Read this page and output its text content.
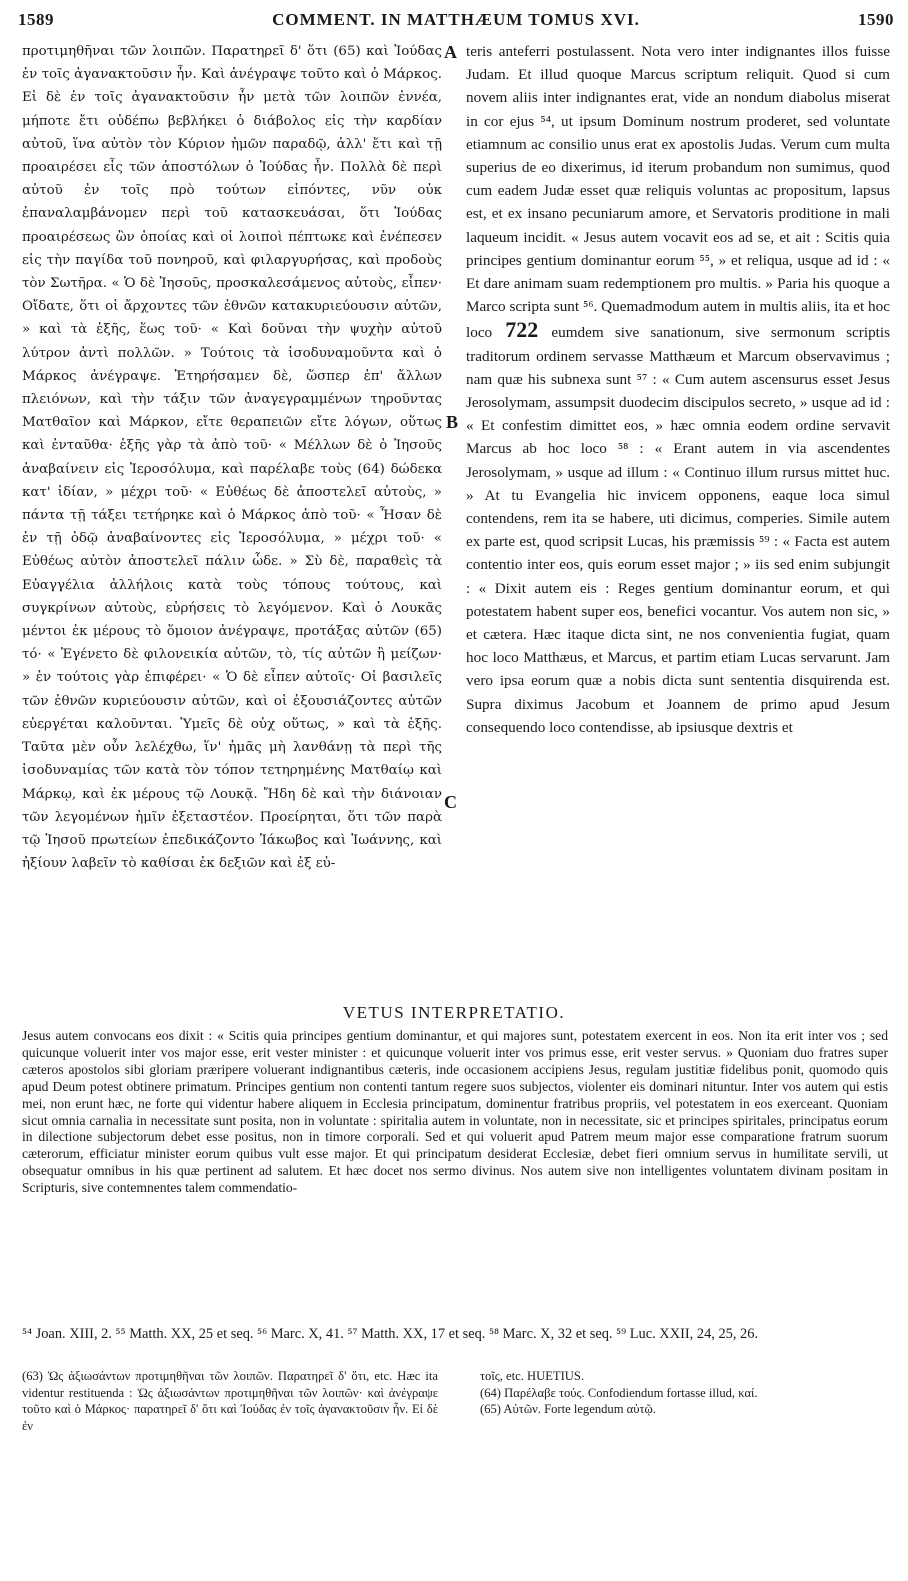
1589	COMMENT. IN MATTHÆUM TOMUS XVI.	1590

προτιμηθῆναι τῶν λοιπῶν. Παρατηρεῖ δ' ὅτι (65) καὶ Ἰούδας ἐν τοῖς ἀγανακτοῦσιν ἦν. Καὶ ἀνέγραψε τοῦτο καὶ ὁ Μάρκος. Εἰ δὲ ἐν τοῖς ἀγανακτοῦσιν ἦν μετὰ τῶν λοιπῶν ἐννέα, μήποτε ἔτι οὐδέπω βεβλήκει ὁ διάβολος εἰς τὴν καρδίαν αὐτοῦ, ἵνα αὐτὸν τὸν Κύριον ἡμῶν παραδῷ, ἀλλ' ἔτι καὶ τῇ προαιρέσει εἷς τῶν ἀποστόλων ὁ Ἰούδας ἦν. Πολλὰ δὲ περὶ αὐτοῦ ἐν τοῖς πρὸ τούτων εἰπόντες, νῦν οὐκ ἐπαναλαμβάνομεν περὶ τοῦ κατασκευάσαι, ὅτι Ἰούδας προαιρέσεως ὢν ὁποίας καὶ οἱ λοιποὶ πέπτωκε καὶ ἐνέπεσεν εἰς τὴν παγίδα τοῦ πονηροῦ, καὶ φιλαργυρήσας, καὶ προδοὺς τὸν Σωτῆρα. « Ὁ δὲ Ἰησοῦς, προσκαλεσάμενος αὐτοὺς, εἶπεν· Οἴδατε, ὅτι οἱ ἄρχοντες τῶν ἐθνῶν κατακυριεύουσιν αὐτῶν, » καὶ τὰ ἑξῆς, ἕως τοῦ· « Καὶ δοῦναι τὴν ψυχὴν αὐτοῦ λύτρον ἀντὶ πολλῶν. » Τούτοις τὰ ἰσοδυναμοῦντα καὶ ὁ Μάρκος ἀνέγραψε. Ἐτηρήσαμεν δὲ, ὥσπερ ἐπ' ἄλλων πλειόνων, καὶ τὴν τάξιν τῶν ἀναγεγραμμένων τηροῦντας Ματθαῖον καὶ Μάρκον, εἴτε θεραπειῶν εἴτε λόγων, οὕτως καὶ ἐνταῦθα· ἑξῆς γὰρ τὰ ἀπὸ τοῦ· « Μέλλων δὲ ὁ Ἰησοῦς ἀναβαίνειν εἰς Ἱεροσόλυμα, καὶ παρέλαβε τοὺς (64) δώδεκα κατ' ἰδίαν, » μέχρι τοῦ· « Εὐθέως δὲ ἀποστελεῖ αὐτοὺς, » πάντα τῇ τάξει τετήρηκε καὶ ὁ Μάρκος ἀπὸ τοῦ· « Ἦσαν δὲ ἐν τῇ ὁδῷ ἀναβαίνοντες εἰς Ἱεροσόλυμα, » μέχρι τοῦ· « Εὐθέως αὐτὸν ἀποστελεῖ πάλιν ὧδε. » Σὺ δὲ, παραθεὶς τὰ Εὐαγγέλια ἀλλήλοις κατὰ τοὺς τόπους τούτους, καὶ συγκρίνων αὐτοὺς, εὑρήσεις τὸ λεγόμενον. Καὶ ὁ Λουκᾶς μέντοι ἐκ μέρους τὸ ὅμοιον ἀνέγραψε, προτάξας αὐτῶν (65) τό· « Ἐγένετο δὲ φιλονεικία αὐτῶν, τὸ, τίς αὐτῶν ἢ μείζων· » ἐν τούτοις γὰρ ἐπιφέρει· « Ὁ δὲ εἶπεν αὐτοῖς· Οἱ βασιλεῖς τῶν ἐθνῶν κυριεύουσιν αὐτῶν, καὶ οἱ ἐξουσιάζοντες αὐτῶν εὐεργέται καλοῦνται. Ὑμεῖς δὲ οὐχ οὕτως, » καὶ τὰ ἑξῆς. Ταῦτα μὲν οὖν λελέχθω, ἵν' ἡμᾶς μὴ λανθάνῃ τὰ περὶ τῆς ἰσοδυναμίας τῶν κατὰ τὸν τόπον τετηρημένης Ματθαίῳ καὶ Μάρκῳ, καὶ ἐκ μέρους τῷ Λουκᾷ. Ἤδη δὲ καὶ τὴν διάνοιαν τῶν λεγομένων ἡμῖν ἐξεταστέον. Προείρηται, ὅτι τῶν παρὰ τῷ Ἰησοῦ πρωτείων ἐπεδικάζοντο Ἰάκωβος καὶ Ἰωάννης, καὶ ἠξίουν λαβεῖν τὸ καθίσαι ἐκ δεξιῶν καὶ ἐξ εὐ-

A
B
C

teris anteferri postulassent. Nota vero inter indignantes illos fuisse Judam. Et illud quoque Marcus scriptum reliquit. Quod si cum novem aliis inter indignantes erat, vide an nondum diabolus miserat in cor ejus ⁵⁴, ut ipsum Dominum nostrum proderet, sed voluntate etiamnum ac consilio unus erat ex apostolis Judas. Verum cum multa superius de eo dixerimus, id iterum probandum non sumimus, quod cum eadem Judæ esset quæ reliquis voluntas ac propositum, lapsus est, et ex insano pecuniarum amore, et Servatoris proditione in mali laqueum incidit. « Jesus autem vocavit eos ad se, et ait : Scitis quia principes gentium dominantur eorum ⁵⁵, » et reliqua, usque ad id : « Et dare animam suam redemptionem pro multis. » Paria his quoque a Marco scripta sunt ⁵⁶. Quemadmodum autem in multis aliis, ita et hoc loco 722 eumdem sive sanationum, sive sermonum scriptis traditorum ordinem servasse Matthæum et Marcum observavimus ; nam quæ his subnexa sunt ⁵⁷ : « Cum autem ascensurus esset Jesus Jerosolymam, assumpsit duodecim discipulos secreto, » usque ad id : « Et confestim dimittet eos, » hæc omnia eodem ordine servavit Marcus ab hoc loco ⁵⁸ : « Erant autem in via ascendentes Jerosolymam, » usque ad illum : « Continuo illum rursus mittet huc. » At tu Evangelia hic invicem opponens, eaque loca simul contendens, rem ita se habere, uti dicimus, comperies. Simile autem ex parte est, quod scripsit Lucas, his præmissis ⁵⁹ : « Facta est autem contentio inter eos, quis eorum esset major ; » iis sed enim subjungit : « Dixit autem eis : Reges gentium dominantur eorum, et qui potestatem habent super eos, benefici vocantur. Vos autem non sic, » et cætera. Hæc itaque dicta sint, ne nos convenientia fugiat, quam hoc loco Matthæus, et Marcus, et partim etiam Lucas servarunt. Jam vero ipsa eorum quæ a nobis dicta sunt sententia disquirenda est. Supra diximus Jacobum et Joannem de primo apud Jesum consequendo loco contendisse, ab ipsiusque dextris et

VETUS INTERPRETATIO.

Jesus autem convocans eos dixit : « Scitis quia principes gentium dominantur, et qui majores sunt, potestatem exercent in eos. Non ita erit inter vos ; sed quicunque voluerit inter vos major esse, erit vester minister : et quicunque voluerit inter vos primus esse, erit vester servus. » Quoniam duo fratres super cæteros apostolos sibi gloriam præripere voluerant indignantibus cæteris, inde occasionem accipiens Jesus, regulam justitiæ fidelibus ponit, quomodo quis apud Deum potest obtinere primatum. Principes gentium non contenti tantum regere suos subjectos, violenter eis dominari nituntur. Inter vos autem qui estis mei, non erunt hæc, ne forte qui videntur habere aliquem in Ecclesia principatum, dominentur fratribus propriis, vel potestatem in eos exerceant. Quoniam sicut omnia carnalia in necessitate sunt posita, non in voluntate : spiritalia autem in voluntate, non in necessitate, sic et principes spiritales, principatus eorum in dilectione subjectorum debet esse positus, non in timore corporali. Sed et qui voluerit apud Patrem meum major esse comparatione fratrum suorum cæterorum, efficiatur minister eorum quibus vult esse major. Et qui principatum desiderat Ecclesiæ, debet fieri omnium servus in humilitate servili, ut obsequatur omnibus in his quæ pertinent ad salutem. Et hæc docet nos sermo divinus. Nos autem sive non intelligentes voluntatem divinam positam in Scripturis, sive contemnentes talem commendatio-

⁵⁴ Joan. XIII, 2. ⁵⁵ Matth. XX, 25 et seq. ⁵⁶ Marc. X, 41. ⁵⁷ Matth. XX, 17 et seq. ⁵⁸ Marc. X, 32 et seq. ⁵⁹ Luc. XXII, 24, 25, 26.

(63) Ὡς ἀξιωσάντων προτιμηθῆναι τῶν λοιπῶν. Παρατηρεῖ δ' ὅτι, etc. Hæc ita videntur restituenda : Ὡς ἀξιωσάντων προτιμηθῆναι τῶν λοιπῶν· καὶ ἀνέγραψε τοῦτο καὶ ὁ Μάρκος· παρατηρεῖ δ' ὅτι καὶ Ἰούδας ἐν τοῖς ἀγανακτοῦσιν ἦν. Εἰ δὲ ἐν

τοῖς, etc. HUETIUS.
(64) Παρέλαβε τούς. Confodiendum fortasse illud, καί.
(65) Αὐτῶν. Forte legendum αὐτῷ.
